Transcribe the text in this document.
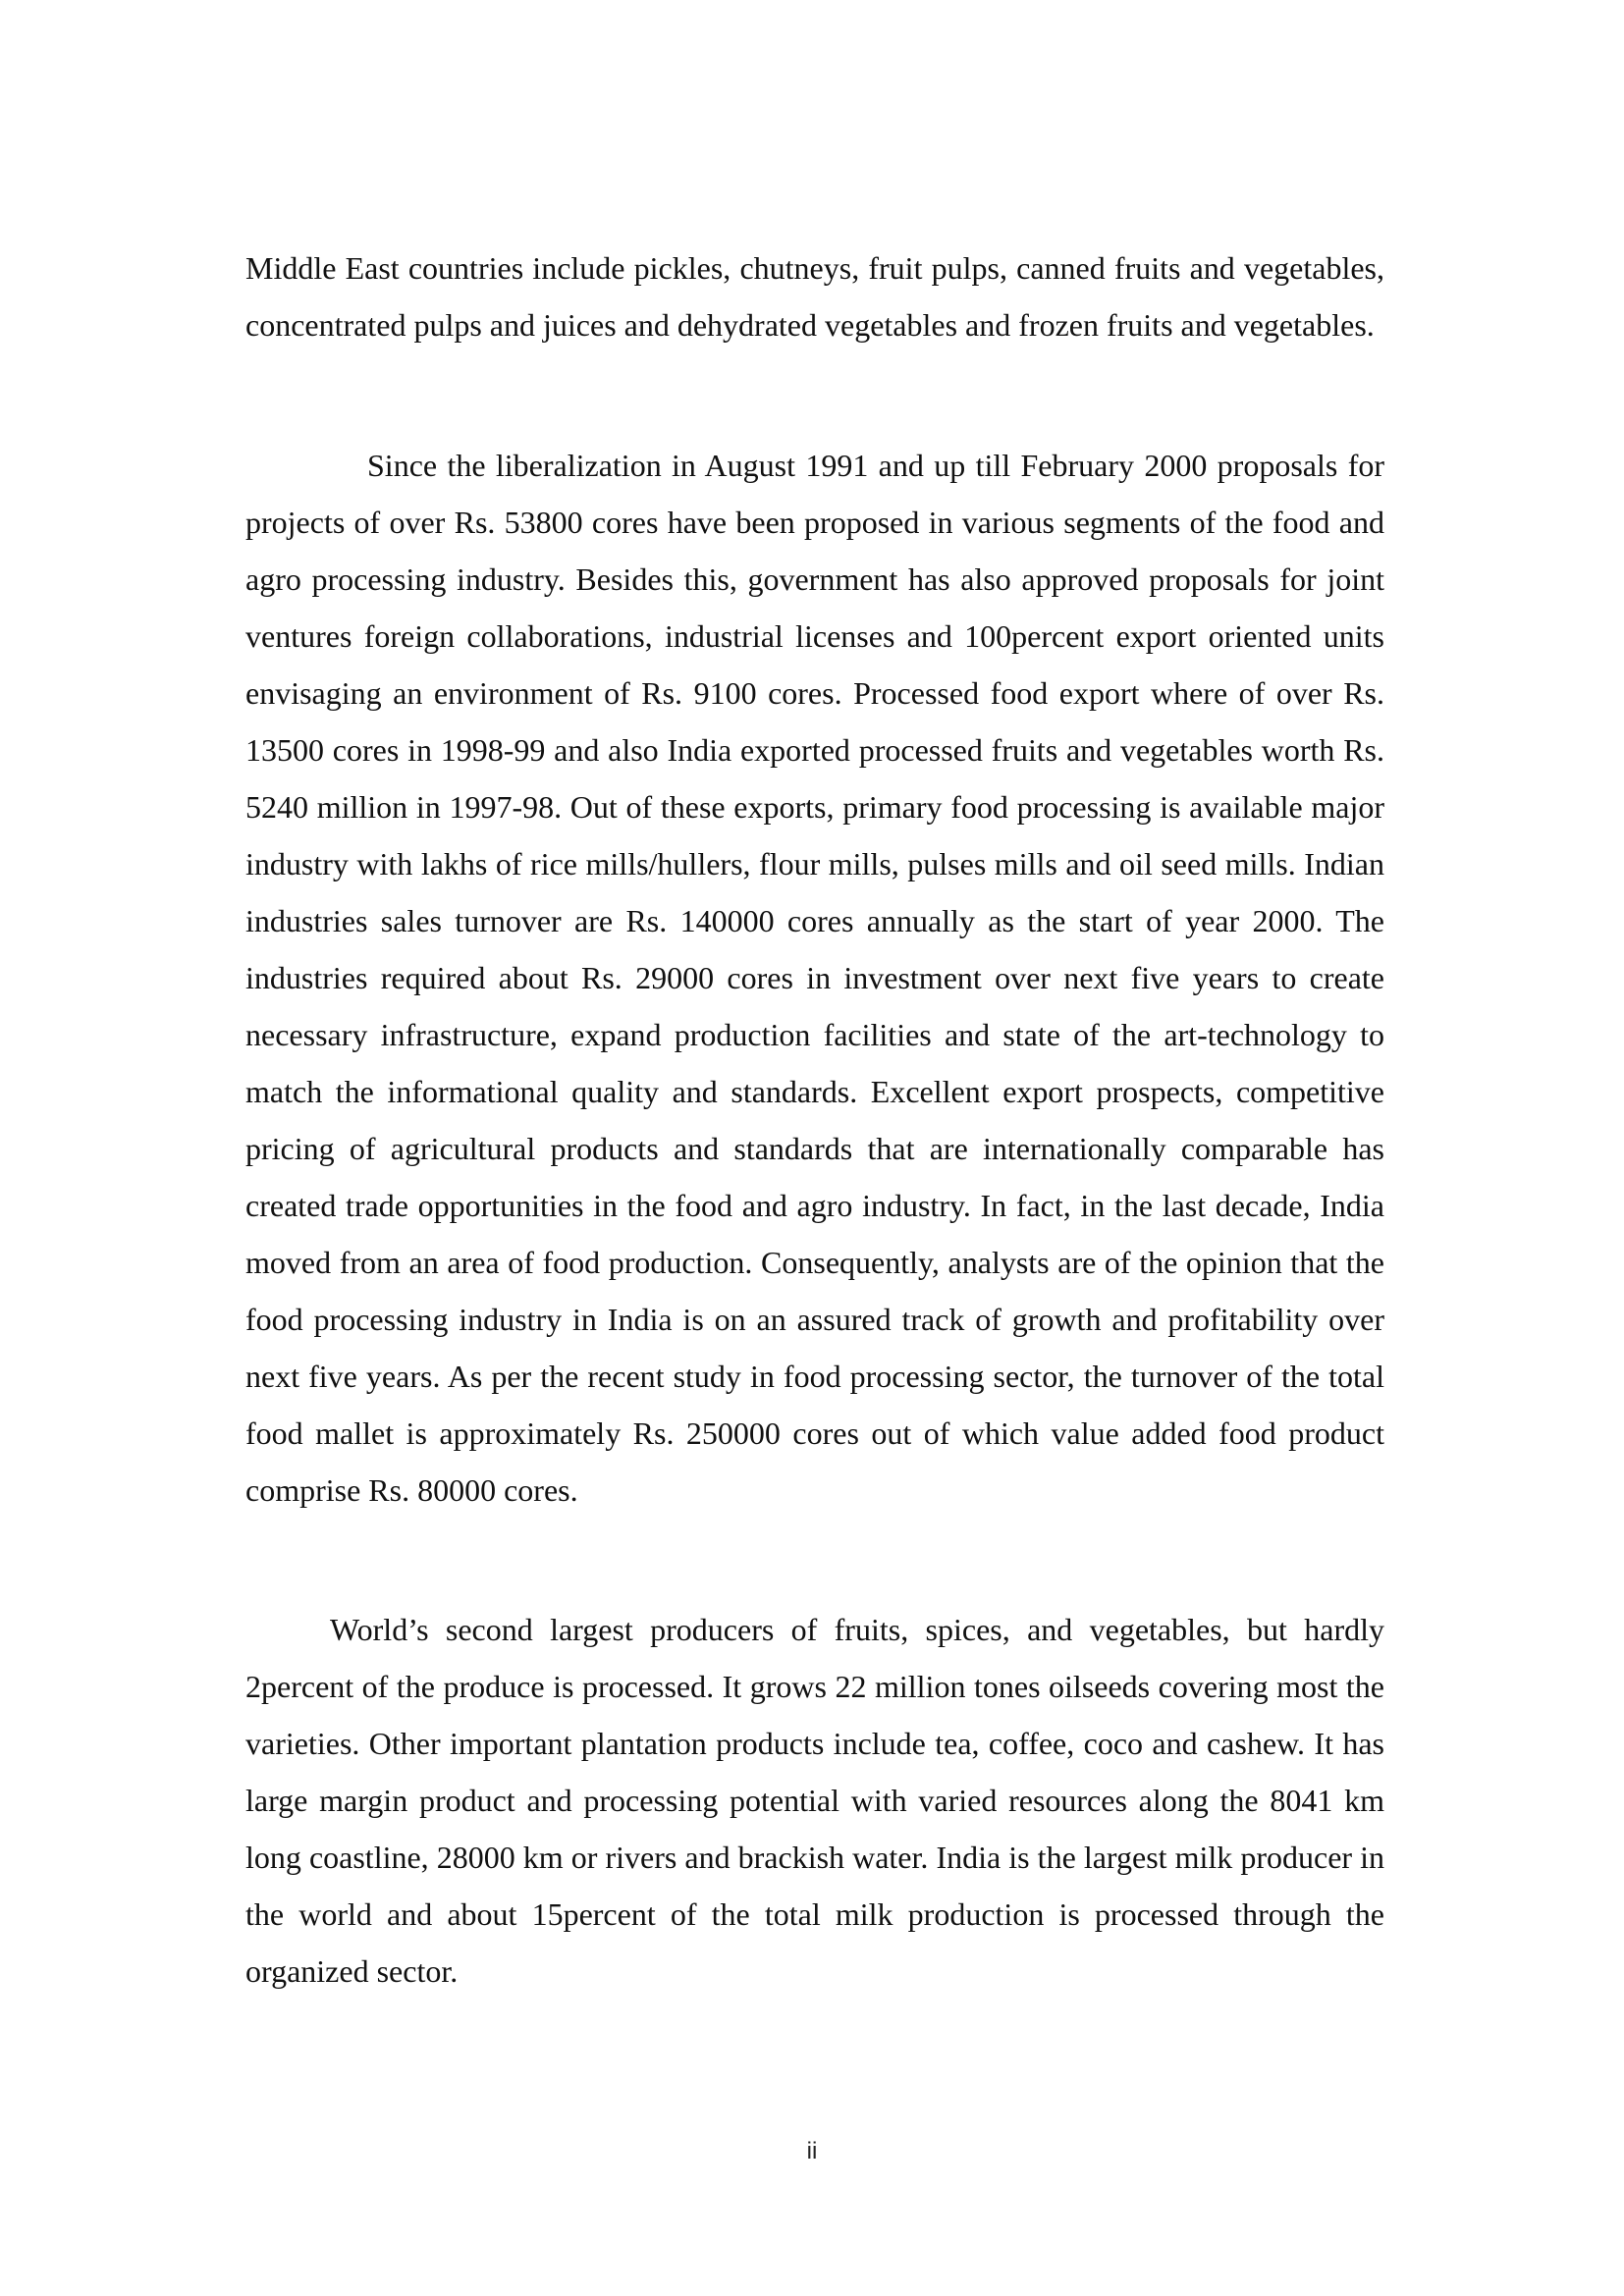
Middle East countries include pickles, chutneys, fruit pulps, canned fruits and vegetables, concentrated pulps and juices and dehydrated vegetables and frozen fruits and vegetables.

Since the liberalization in August 1991 and up till February 2000 proposals for projects of over Rs. 53800 cores have been proposed in various segments of the food and agro processing industry. Besides this, government has also approved proposals for joint ventures foreign collaborations, industrial licenses and 100percent export oriented units envisaging an environment of Rs. 9100 cores. Processed food export where of over Rs. 13500 cores in 1998-99 and also India exported processed fruits and vegetables worth Rs. 5240 million in 1997-98. Out of these exports, primary food processing is available major industry with lakhs of rice mills/hullers, flour mills, pulses mills and oil seed mills. Indian industries sales turnover are Rs. 140000 cores annually as the start of year 2000. The industries required about Rs. 29000 cores in investment over next five years to create necessary infrastructure, expand production facilities and state of the art-technology to match the informational quality and standards. Excellent export prospects, competitive pricing of agricultural products and standards that are internationally comparable has created trade opportunities in the food and agro industry. In fact, in the last decade, India moved from an area of food production. Consequently, analysts are of the opinion that the food processing industry in India is on an assured track of growth and profitability over next five years. As per the recent study in food processing sector, the turnover of the total food mallet is approximately Rs. 250000 cores out of which value added food product comprise Rs. 80000 cores.

World’s second largest producers of fruits, spices, and vegetables, but hardly 2percent of the produce is processed. It grows 22 million tones oilseeds covering most the varieties. Other important plantation products include tea, coffee, coco and cashew. It has large margin product and processing potential with varied resources along the 8041 km long coastline, 28000 km or rivers and brackish water. India is the largest milk producer in the world and about 15percent of the total milk production is processed through the organized sector.

ii
